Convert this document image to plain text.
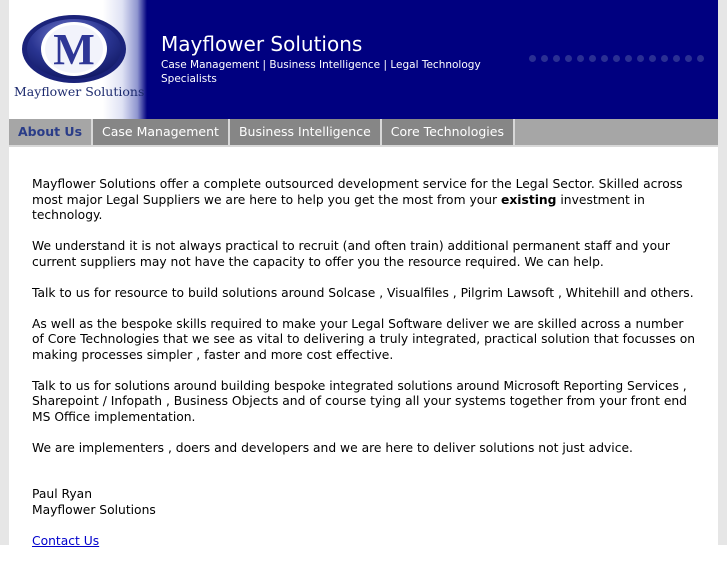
M
Mayflower Solutions
Mayflower Solutions
Case Management | Business Intelligence | Legal Technology Specialists
About Us	Case Management	Business Intelligence	Core Technologies

Mayflower Solutions offer a complete outsourced development service for the Legal Sector. Skilled across most major Legal Suppliers we are here to help you get the most from your existing investment in technology.

We understand it is not always practical to recruit (and often train) additional permanent staff and your current suppliers may not have the capacity to offer you the resource required. We can help.

Talk to us for resource to build solutions around Solcase , Visualfiles , Pilgrim Lawsoft , Whitehill and others.

As well as the bespoke skills required to make your Legal Software deliver we are skilled across a number of Core Technologies that we see as vital to delivering a truly integrated, practical solution that focusses on making processes simpler , faster and more cost effective.

Talk to us for solutions around building bespoke integrated solutions around Microsoft Reporting Services , Sharepoint / Infopath , Business Objects and of course tying all your systems together from your front end MS Office implementation.

We are implementers , doers and developers and we are here to deliver solutions not just advice.

Paul Ryan

Mayflower Solutions

Contact Us
